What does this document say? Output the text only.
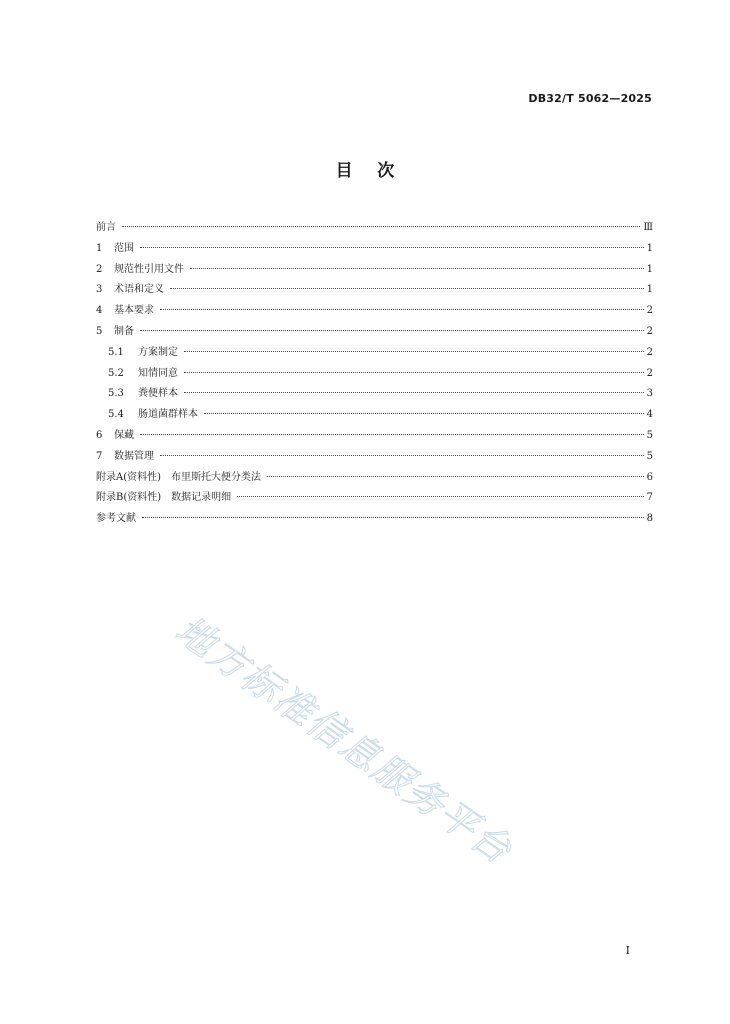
DB32/T 5062—2025
目    次
前言	Ⅲ
1	范围	1
2	规范性引用文件	1
3	术语和定义	1
4	基本要求	2
5	制备	2
5.1	方案制定	2
5.2	知情同意	2
5.3	粪便样本	3
5.4	肠道菌群样本	4
6	保藏	5
7	数据管理	5
附录A(资料性)　布里斯托大便分类法	6
附录B(资料性)　数据记录明细	7
参考文献	8
地方标准信息服务平台
I
